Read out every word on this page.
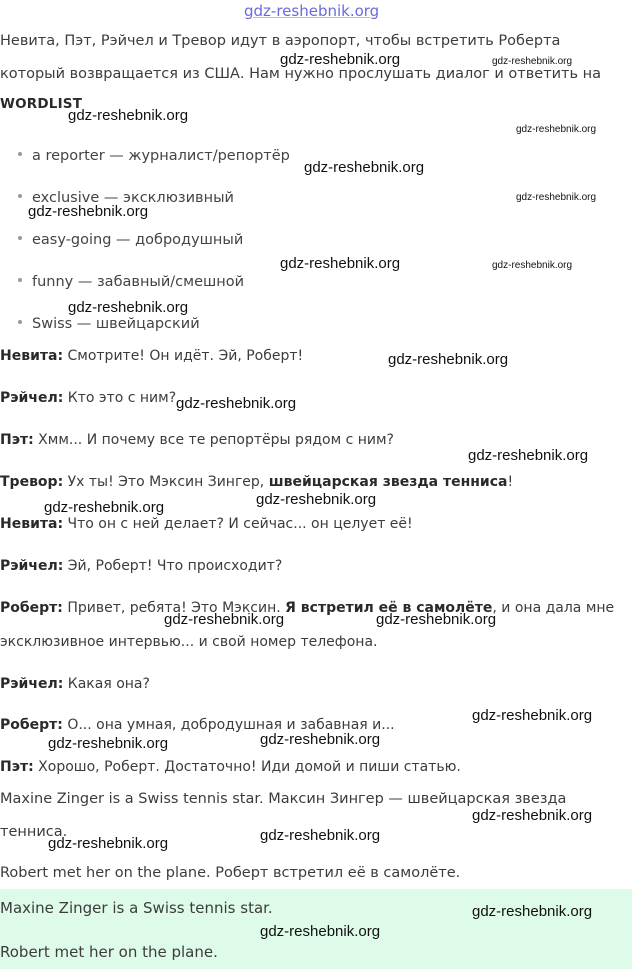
gdz-reshebnik.org
Невита, Пэт, Рэйчел и Тревор идут в аэропорт, чтобы встретить Роберта
который возвращается из США. Нам нужно прослушать диалог и ответить на
WORDLIST
a reporter — журналист/репортёр
exclusive — эксклюзивный
easy-going — добродушный
funny — забавный/смешной
Swiss — швейцарский
Невита: Смотрите! Он идёт. Эй, Роберт!
Рэйчел: Кто это с ним?
Пэт: Хмм... И почему все те репортёры рядом с ним?
Тревор: Ух ты! Это Мэксин Зингер, швейцарская звезда тенниса!
Невита: Что он с ней делает? И сейчас... он целует её!
Рэйчел: Эй, Роберт! Что происходит?
Роберт: Привет, ребята! Это Мэксин. Я встретил её в самолёте, и она дала мне
эксклюзивное интервью... и свой номер телефона.
Рэйчел: Какая она?
Роберт: О... она умная, добродушная и забавная и...
Пэт: Хорошо, Роберт. Достаточно! Иди домой и пиши статью.
Maxine Zinger is a Swiss tennis star. Максин Зингер — швейцарская звезда
тенниса.
Robert met her on the plane. Роберт встретил её в самолёте.
Maxine Zinger is a Swiss tennis star.
Robert met her on the plane.
gdz-reshebnik.org	gdz-reshebnik.org
gdz-reshebnik.org
gdz-reshebnik.org
gdz-reshebnik.org
gdz-reshebnik.org
gdz-reshebnik.org
gdz-reshebnik.org	gdz-reshebnik.org
gdz-reshebnik.org
gdz-reshebnik.org
gdz-reshebnik.org
gdz-reshebnik.org
gdz-reshebnik.org
gdz-reshebnik.org
gdz-reshebnik.org	gdz-reshebnik.org
gdz-reshebnik.org
gdz-reshebnik.org	gdz-reshebnik.org
gdz-reshebnik.org
gdz-reshebnik.org	gdz-reshebnik.org
gdz-reshebnik.org
gdz-reshebnik.org
